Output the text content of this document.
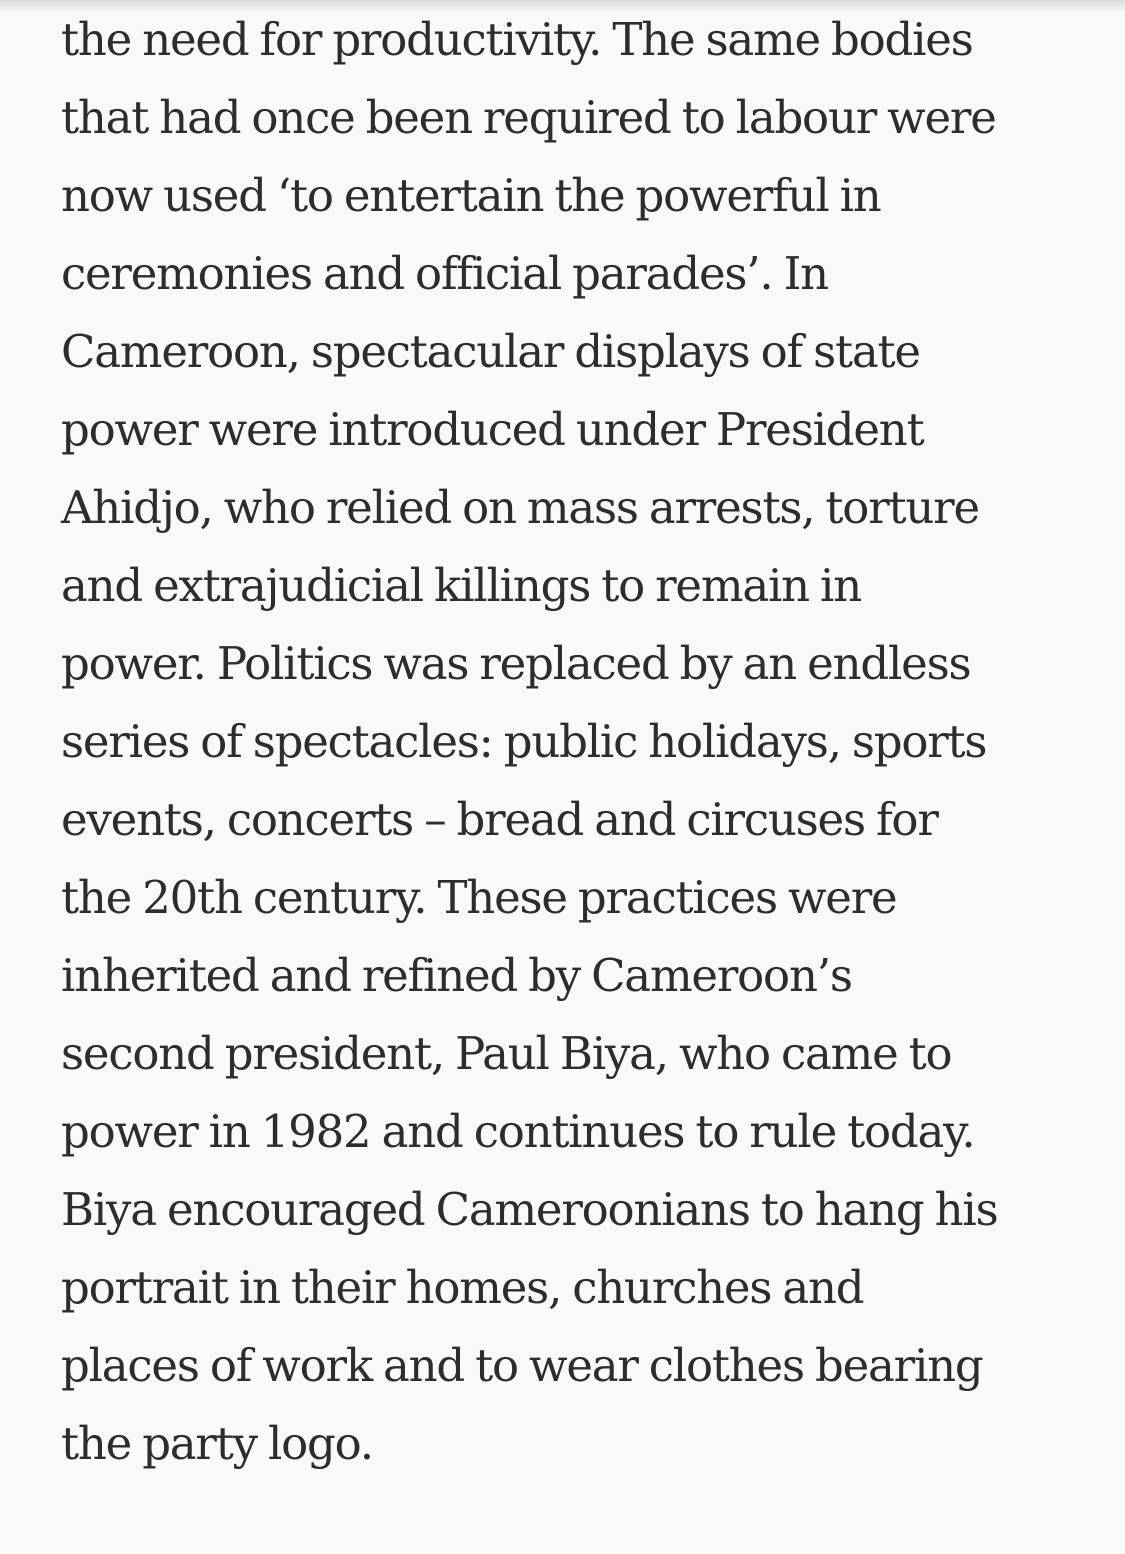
the need for productivity. The same bodies
that had once been required to labour were
now used ‘to entertain the powerful in
ceremonies and official parades’. In
Cameroon, spectacular displays of state
power were introduced under President
Ahidjo, who relied on mass arrests, torture
and extrajudicial killings to remain in
power. Politics was replaced by an endless
series of spectacles: public holidays, sports
events, concerts – bread and circuses for
the 20th century. These practices were
inherited and refined by Cameroon’s
second president, Paul Biya, who came to
power in 1982 and continues to rule today.
Biya encouraged Cameroonians to hang his
portrait in their homes, churches and
places of work and to wear clothes bearing
the party logo.
